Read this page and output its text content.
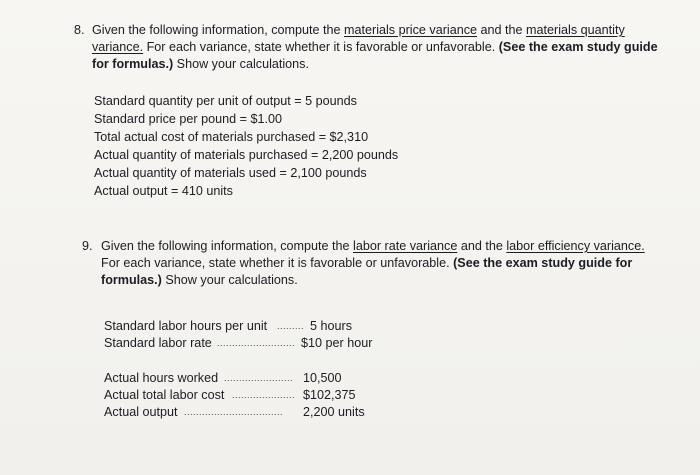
8. Given the following information, compute the materials price variance and the materials quantity
variance. For each variance, state whether it is favorable or unfavorable. (See the exam study guide
for formulas.) Show your calculations.
Standard quantity per unit of output = 5 pounds
Standard price per pound = $1.00
Total actual cost of materials purchased = $2,310
Actual quantity of materials purchased = 2,200 pounds
Actual quantity of materials used = 2,100 pounds
Actual output = 410 units
9. Given the following information, compute the labor rate variance and the labor efficiency variance.
For each variance, state whether it is favorable or unfavorable. (See the exam study guide for
formulas.) Show your calculations.
Standard labor hours per unit ......... 5 hours
Standard labor rate .......................... $10 per hour
Actual hours worked ....................... 10,500
Actual total labor cost ..................... $102,375
Actual output ................................. 2,200 units
